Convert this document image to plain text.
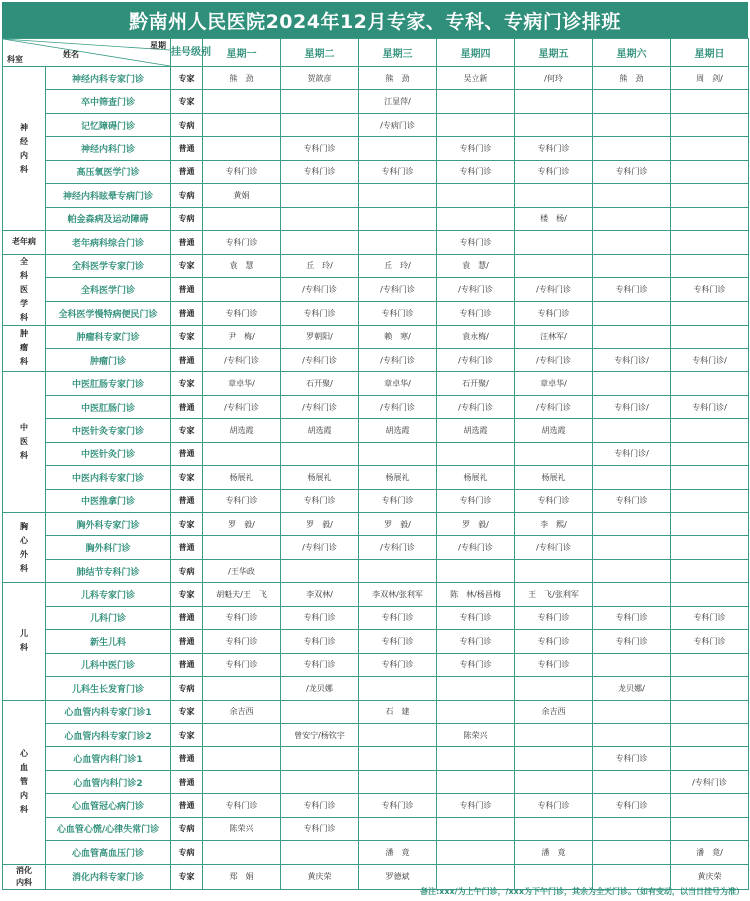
黔南州人民医院2024年12月专家、专科、专病门诊排班
星期
姓名
科室		挂号级别	星期一	星期二	星期三	星期四	星期五	星期六	星期日
神经内科	神经内科专家门诊	专家	熊　劲	贺歆彦	熊　劲	吴立新	/何玲	熊　劲	周　剑/
	卒中筛查门诊	专家			江显萍/				
	记忆障碍门诊	专病			/专病门诊				
	神经内科门诊	普通		专科门诊		专科门诊	专科门诊		
	高压氧医学门诊	普通	专科门诊	专科门诊	专科门诊	专科门诊	专科门诊	专科门诊	
	神经内科眩晕专病门诊	专病	黄娟						
	帕金森病及运动障碍	专病					楼　杨/		
老年病	老年病科综合门诊	普通	专科门诊			专科门诊			
全科医学科	全科医学专家门诊	专家	袁　慧	丘　玲/	丘　玲/	袁　慧/			
	全科医学门诊	普通		/专科门诊	/专科门诊	/专科门诊	/专科门诊	专科门诊	专科门诊
	全科医学慢特病便民门诊	普通	专科门诊	专科门诊	专科门诊	专科门诊	专科门诊		
肿瘤科	肿瘤科专家门诊	专家	尹　梅/	罗朝阳/	赖　寒/	袁永梅/	汪林军/		
	肿瘤门诊	普通	/专科门诊	/专科门诊	/专科门诊	/专科门诊	/专科门诊	专科门诊/	专科门诊/
中医科	中医肛肠专家门诊	专家	章卓华/	石开聚/	章卓华/	石开聚/	章卓华/		
	中医肛肠门诊	普通	/专科门诊	/专科门诊	/专科门诊	/专科门诊	/专科门诊	专科门诊/	专科门诊/
	中医针灸专家门诊	专家	胡选霞	胡选霞	胡选霞	胡选霞	胡选霞		
	中医针灸门诊	普通						专科门诊/	
	中医内科专家门诊	专家	杨展礼	杨展礼	杨展礼	杨展礼	杨展礼		
	中医推拿门诊	普通	专科门诊	专科门诊	专科门诊	专科门诊	专科门诊	专科门诊	
胸心外科	胸外科专家门诊	专家	罗　毅/	罗　毅/	罗　毅/	罗　毅/	李　熙/		
	胸外科门诊	普通		/专科门诊	/专科门诊	/专科门诊	/专科门诊		
	肺结节专科门诊	专病	/王华政						
儿科	儿科专家门诊	专家	胡魁夫/王　飞	李双林/	李双林/张利军	陈　林/杨昌梅	王　飞/张利军		
	儿科门诊	普通	专科门诊	专科门诊	专科门诊	专科门诊	专科门诊	专科门诊	专科门诊
	新生儿科	普通	专科门诊	专科门诊	专科门诊	专科门诊	专科门诊	专科门诊	专科门诊
	儿科中医门诊	普通	专科门诊	专科门诊	专科门诊	专科门诊	专科门诊		
	儿科生长发育门诊	专病		/龙贝娜				龙贝娜/	
心血管内科	心血管内科专家门诊1	专家	余吉西		石　建		余吉西		
	心血管内科专家门诊2	专家		曾安宁/杨钦宇		陈荣兴			
	心血管内科门诊1	普通						专科门诊	
	心血管内科门诊2	普通							/专科门诊
	心血管冠心病门诊	普通	专科门诊	专科门诊	专科门诊	专科门诊	专科门诊	专科门诊	
	心血管心慌/心律失常门诊	专病	陈荣兴	专科门诊					
	心血管高血压门诊	专病			潘　竟		潘　竟		潘　竟/
消化内科	消化内科专家门诊	专家	郑　娟	黄庆荣	罗德斌				黄庆荣
备注:xxx/为上午门诊，/xxx为下午门诊，其余为全天门诊。（如有变动，以当日挂号为准）
